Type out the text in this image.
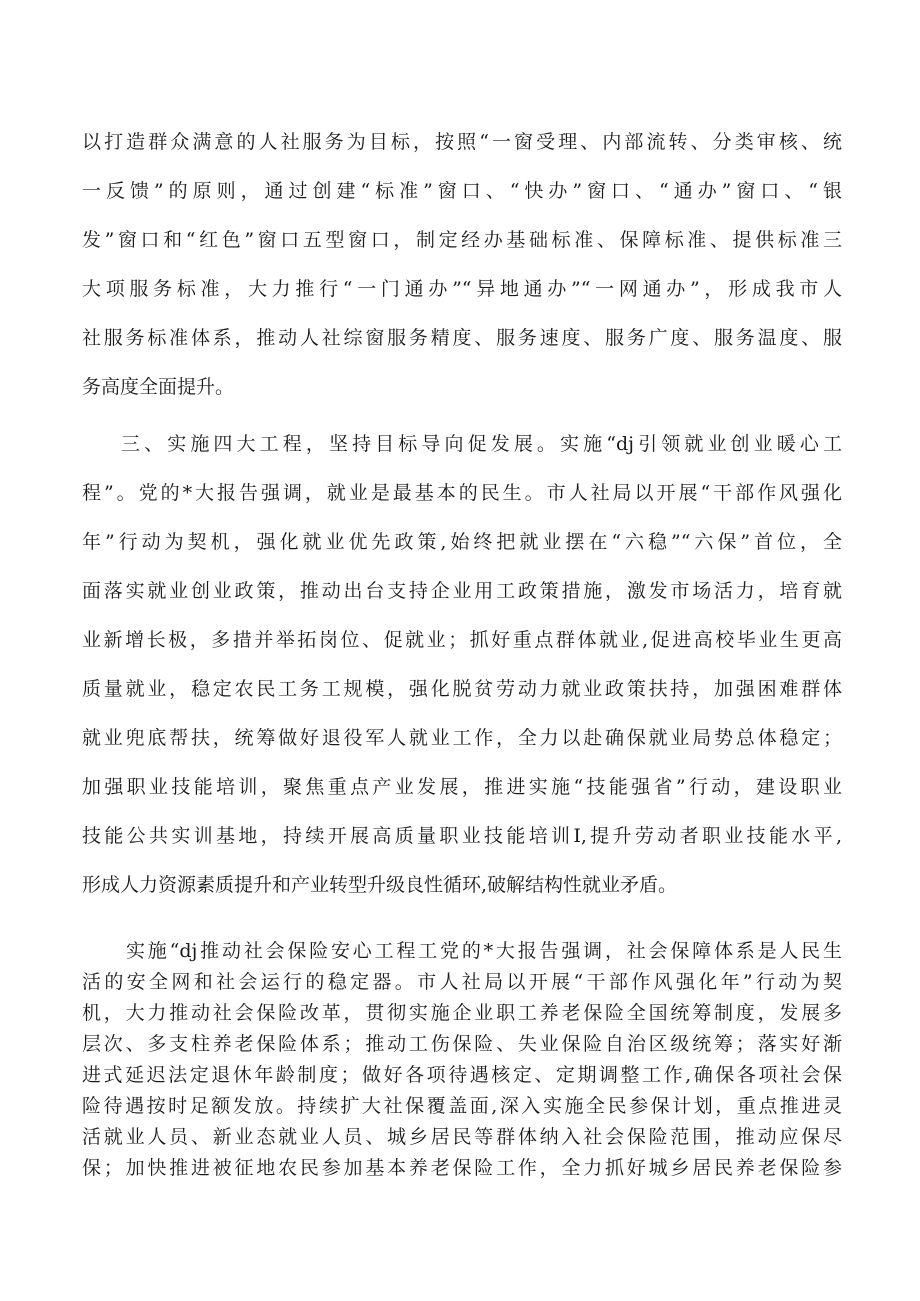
以打造群众满意的人社服务为目标，按照“一窗受理、内部流转、分类审核、统
一反馈”的原则，通过创建“标准”窗口、“快办”窗口、“通办”窗口、“银
发”窗口和“红色”窗口五型窗口，制定经办基础标准、保障标准、提供标准三
大项服务标准，大力推行“一门通办”“异地通办”“一网通办”，形成我市人
社服务标准体系，推动人社综窗服务精度、服务速度、服务广度、服务温度、服
务高度全面提升。
三、实施四大工程，坚持目标导向促发展。实施“dj引领就业创业暖心工
程”。党的*大报告强调，就业是最基本的民生。市人社局以开展“干部作风强化
年”行动为契机，强化就业优先政策,始终把就业摆在“六稳”“六保”首位，全
面落实就业创业政策，推动出台支持企业用工政策措施，激发市场活力，培育就
业新增长极，多措并举拓岗位、促就业；抓好重点群体就业,促进高校毕业生更高
质量就业，稳定农民工务工规模，强化脱贫劳动力就业政策扶持，加强困难群体
就业兜底帮扶，统筹做好退役军人就业工作，全力以赴确保就业局势总体稳定；
加强职业技能培训，聚焦重点产业发展，推进实施“技能强省”行动，建设职业
技能公共实训基地，持续开展高质量职业技能培训I,提升劳动者职业技能水平,
形成人力资源素质提升和产业转型升级良性循环,破解结构性就业矛盾。
实施“dj推动社会保险安心工程工党的*大报告强调，社会保障体系是人民生
活的安全网和社会运行的稳定器。市人社局以开展“干部作风强化年”行动为契
机，大力推动社会保险改革，贯彻实施企业职工养老保险全国统筹制度，发展多
层次、多支柱养老保险体系；推动工伤保险、失业保险自治区级统筹；落实好渐
进式延迟法定退休年龄制度；做好各项待遇核定、定期调整工作,确保各项社会保
险待遇按时足额发放。持续扩大社保覆盖面,深入实施全民参保计划，重点推进灵
活就业人员、新业态就业人员、城乡居民等群体纳入社会保险范围，推动应保尽
保；加快推进被征地农民参加基本养老保险工作，全力抓好城乡居民养老保险参
